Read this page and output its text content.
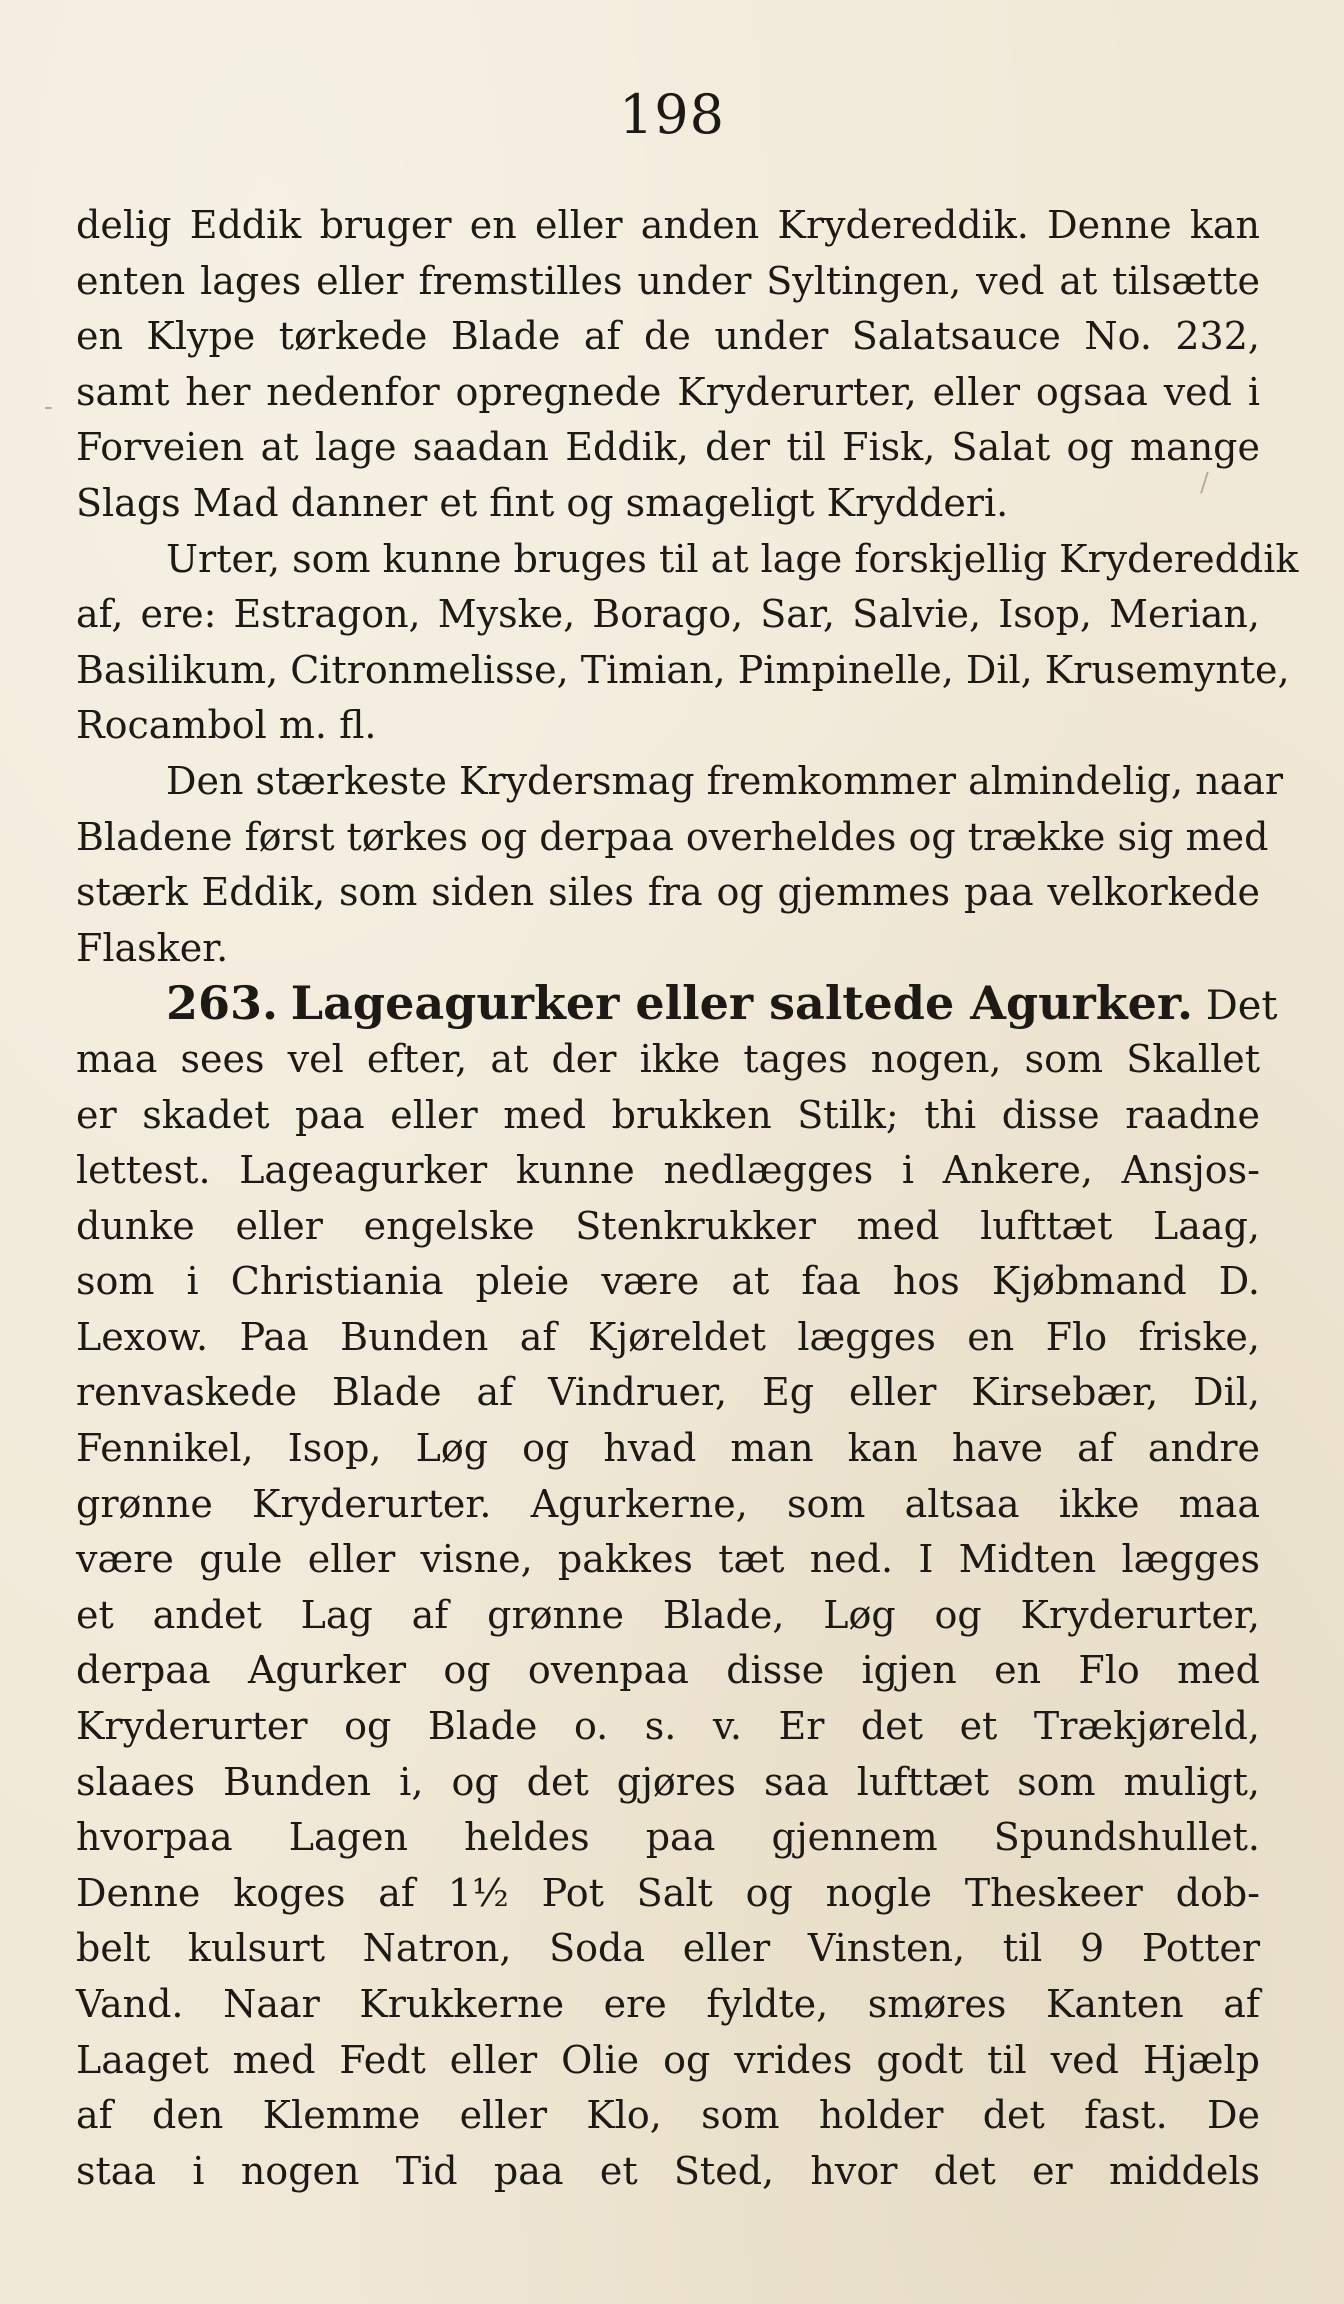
198
-
/
delig Eddik bruger en eller anden Krydereddik. Denne kan
enten lages eller fremstilles under Syltingen, ved at tilsætte
en Klype tørkede Blade af de under Salatsauce No. 232,
samt her nedenfor opregnede Kryderurter, eller ogsaa ved i
Forveien at lage saadan Eddik, der til Fisk, Salat og mange
Slags Mad danner et fint og smageligt Krydderi.
Urter, som kunne bruges til at lage forskjellig Krydereddik
af, ere: Estragon, Myske, Borago, Sar, Salvie, Isop, Merian,
Basilikum, Citronmelisse, Timian, Pimpinelle, Dil, Krusemynte,
Rocambol m. fl.
Den stærkeste Krydersmag fremkommer almindelig, naar
Bladene først tørkes og derpaa overheldes og trække sig med
stærk Eddik, som siden siles fra og gjemmes paa velkorkede
Flasker.
263. Lageagurker eller saltede Agurker. Det
maa sees vel efter, at der ikke tages nogen, som Skallet
er skadet paa eller med brukken Stilk; thi disse raadne
lettest. Lageagurker kunne nedlægges i Ankere, Ansjos-
dunke eller engelske Stenkrukker med lufttæt Laag,
som i Christiania pleie være at faa hos Kjøbmand D.
Lexow. Paa Bunden af Kjøreldet lægges en Flo friske,
renvaskede Blade af Vindruer, Eg eller Kirsebær, Dil,
Fennikel, Isop, Løg og hvad man kan have af andre
grønne Kryderurter. Agurkerne, som altsaa ikke maa
være gule eller visne, pakkes tæt ned. I Midten lægges
et andet Lag af grønne Blade, Løg og Kryderurter,
derpaa Agurker og ovenpaa disse igjen en Flo med
Kryderurter og Blade o. s. v. Er det et Trækjøreld,
slaaes Bunden i, og det gjøres saa lufttæt som muligt,
hvorpaa Lagen heldes paa gjennem Spundshullet.
Denne koges af 1½ Pot Salt og nogle Theskeer dob-
belt kulsurt Natron, Soda eller Vinsten, til 9 Potter
Vand. Naar Krukkerne ere fyldte, smøres Kanten af
Laaget med Fedt eller Olie og vrides godt til ved Hjælp
af den Klemme eller Klo, som holder det fast. De
staa i nogen Tid paa et Sted, hvor det er middels
